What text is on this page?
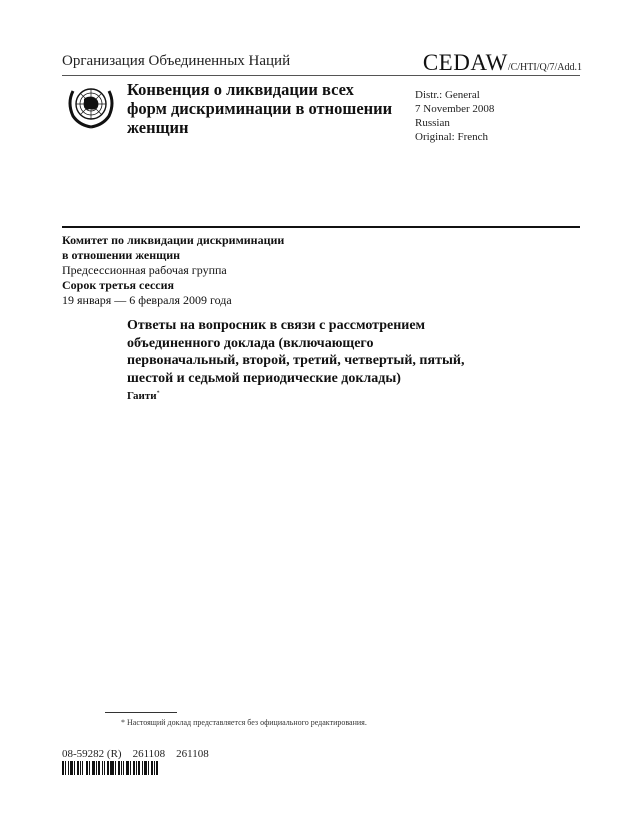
Организация Объединенных Наций	CEDAW/C/HTI/Q/7/Add.1
Конвенция о ликвидации всех форм дискриминации в отношении женщин
Distr.: General
7 November 2008
Russian
Original: French
Комитет по ликвидации дискриминации
в отношении женщин
Предсессионная рабочая группа
Сорок третья сессия
19 января — 6 февраля 2009 года
Ответы на вопросник в связи с рассмотрением объединенного доклада (включающего первоначальный, второй, третий, четвертый, пятый, шестой и седьмой периодические доклады)
Гаити*
* Настоящий доклад представляется без официального редактирования.
08-59282 (R)    261108    261108
